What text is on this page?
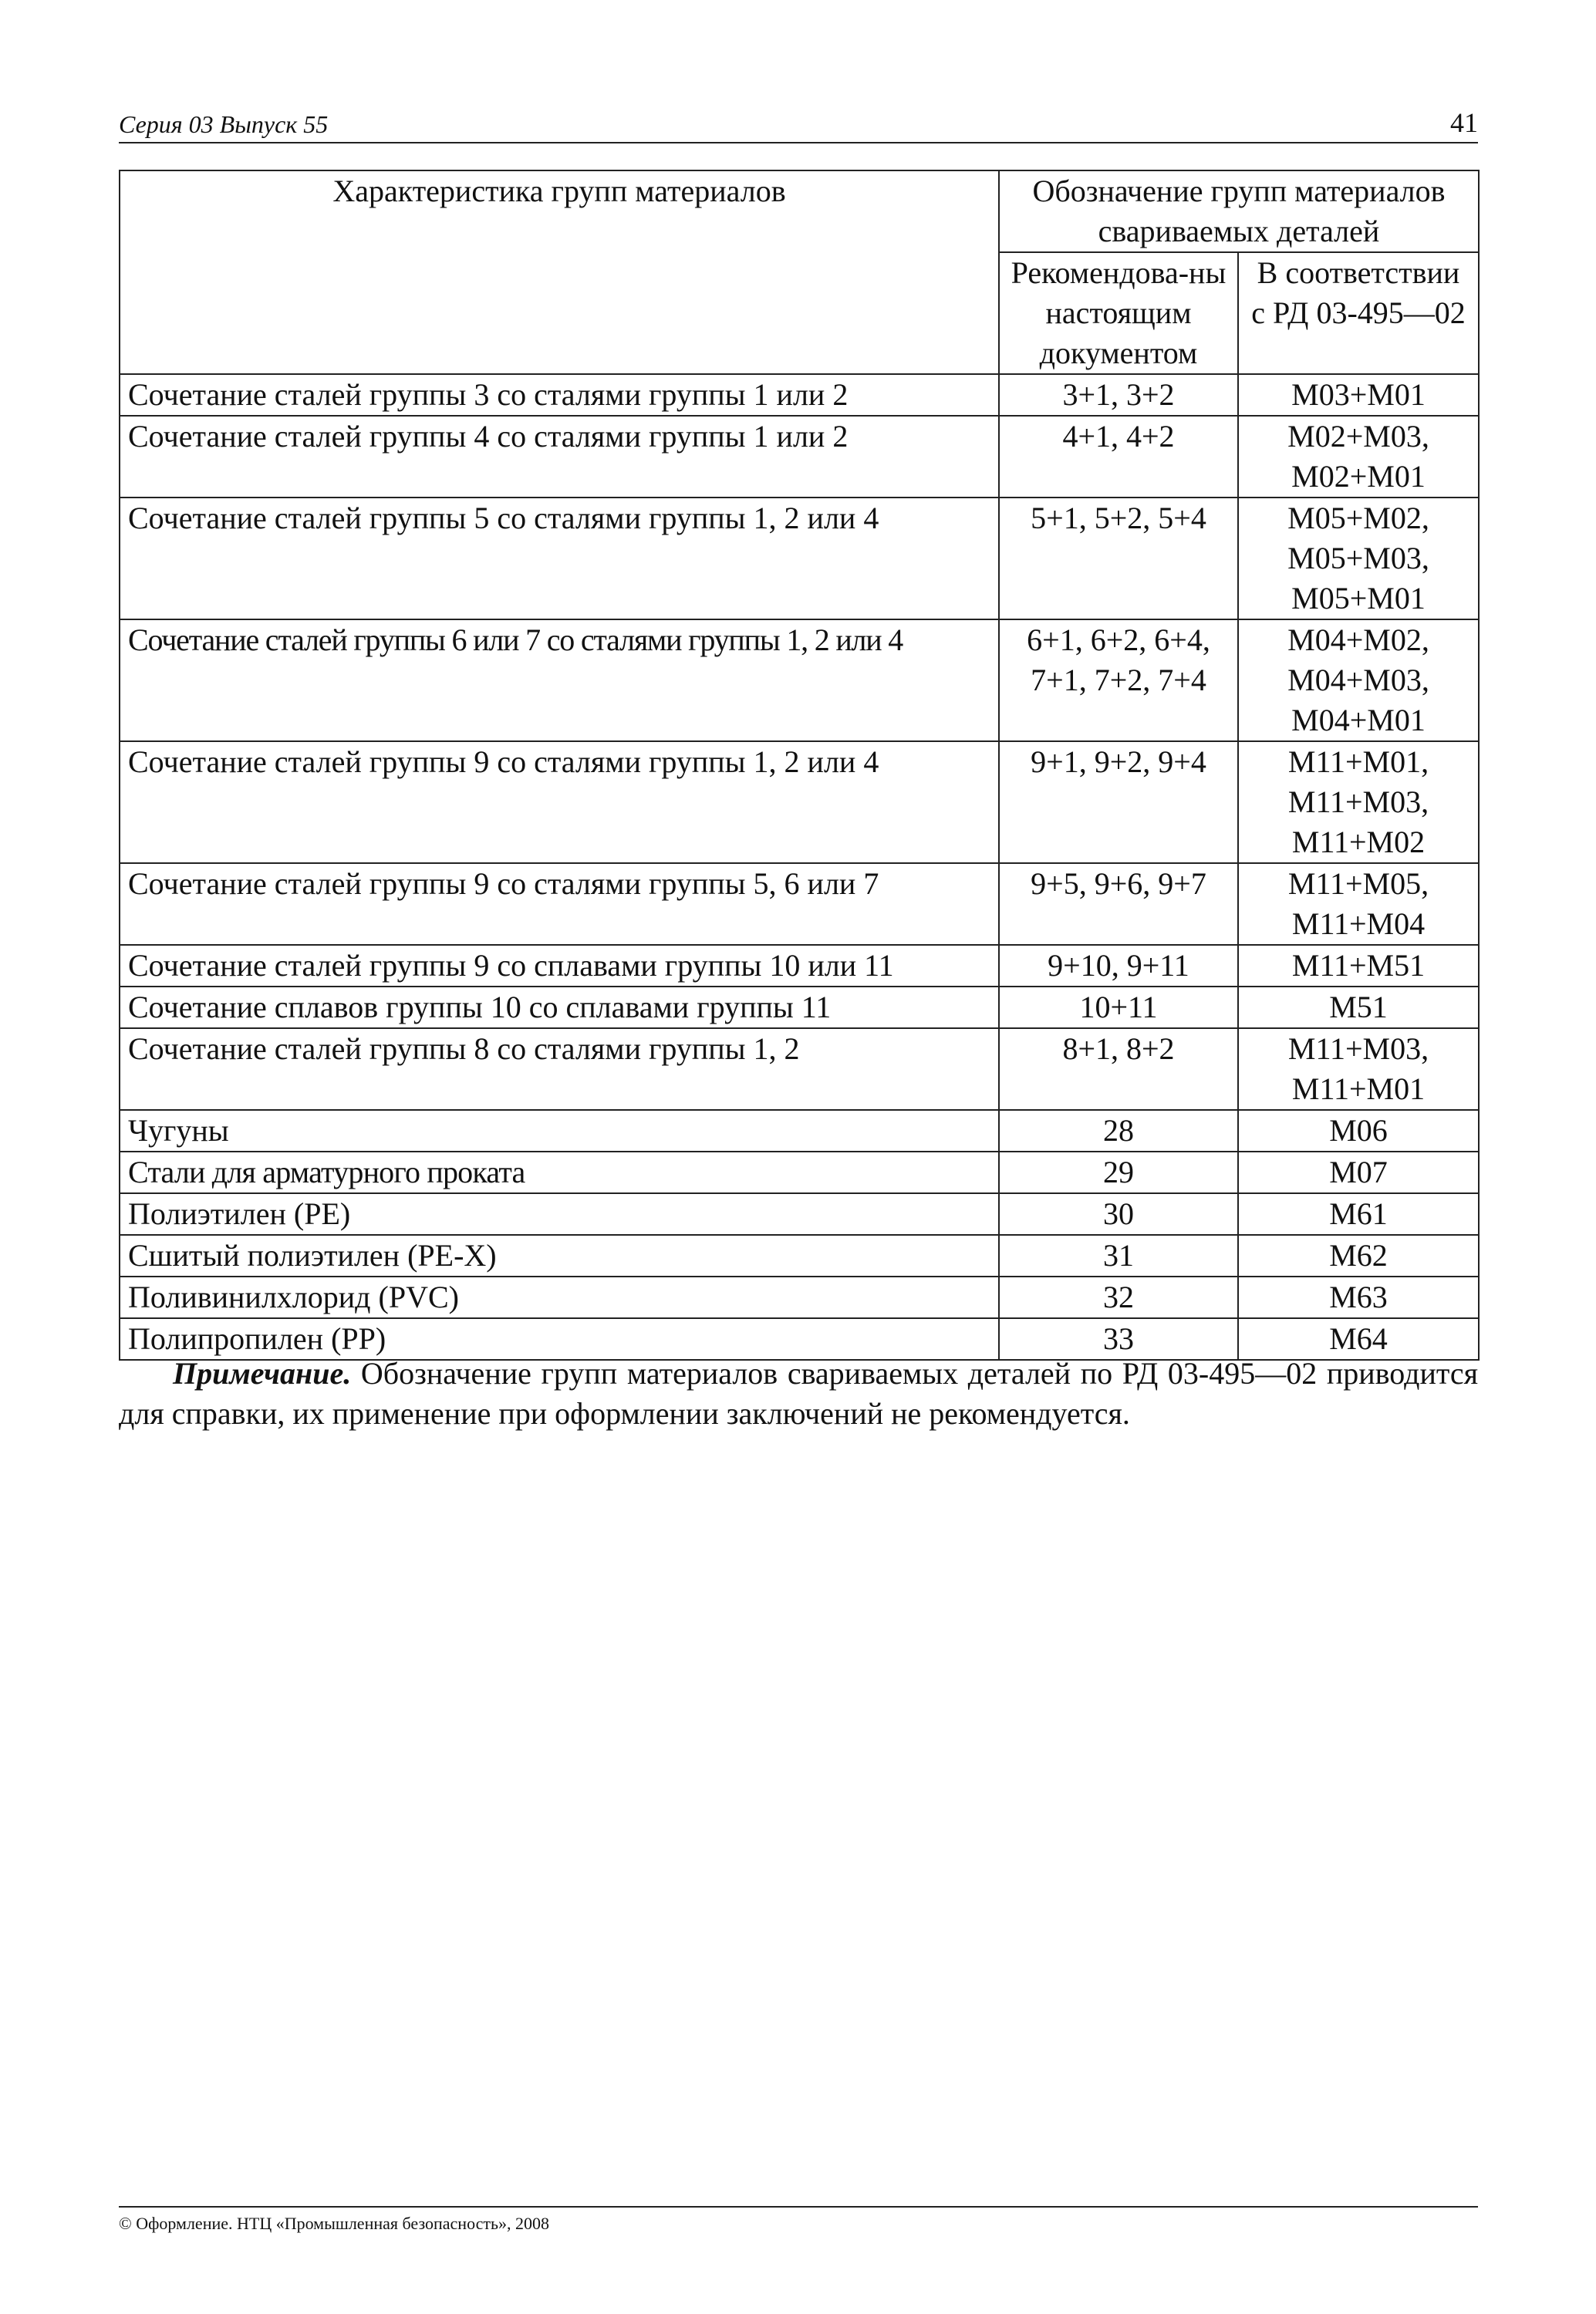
Серия 03 Выпуск 55	41
Характеристика групп материалов	Обозначение групп материалов свариваемых деталей	
	Рекомендова-ны настоящим документом	В соответствии с РД 03-495—02
Сочетание сталей группы 3 со сталями группы 1 или 2	3+1, 3+2	M03+M01
Сочетание сталей группы 4 со сталями группы 1 или 2	4+1, 4+2	M02+M03, M02+M01
Сочетание сталей группы 5 со сталями группы 1, 2 или 4	5+1, 5+2, 5+4	M05+M02, M05+M03, M05+M01
Сочетание сталей группы 6 или 7 со сталями группы 1, 2 или 4	6+1, 6+2, 6+4, 7+1, 7+2, 7+4	M04+M02, M04+M03, M04+M01
Сочетание сталей группы 9 со сталями группы 1, 2 или 4	9+1, 9+2, 9+4	M11+M01, M11+M03, M11+M02
Сочетание сталей группы 9 со сталями группы 5, 6 или 7	9+5, 9+6, 9+7	M11+M05, M11+M04
Сочетание сталей группы 9 со сплавами группы 10 или 11	9+10, 9+11	M11+M51
Сочетание сплавов группы 10 со сплавами группы 11	10+11	M51
Сочетание сталей группы 8 со сталями группы 1, 2	8+1, 8+2	M11+M03, M11+M01
Чугуны	28	M06
Стали для арматурного проката	29	M07
Полиэтилен (PE)	30	M61
Сшитый полиэтилен (PE-X)	31	M62
Поливинилхлорид (PVC)	32	M63
Полипропилен (PP)	33	M64
Примечание. Обозначение групп материалов свариваемых деталей по РД 03-495—02 приводится для справки, их применение при оформлении заключений не рекомендуется.
© Оформление. НТЦ «Промышленная безопасность», 2008
